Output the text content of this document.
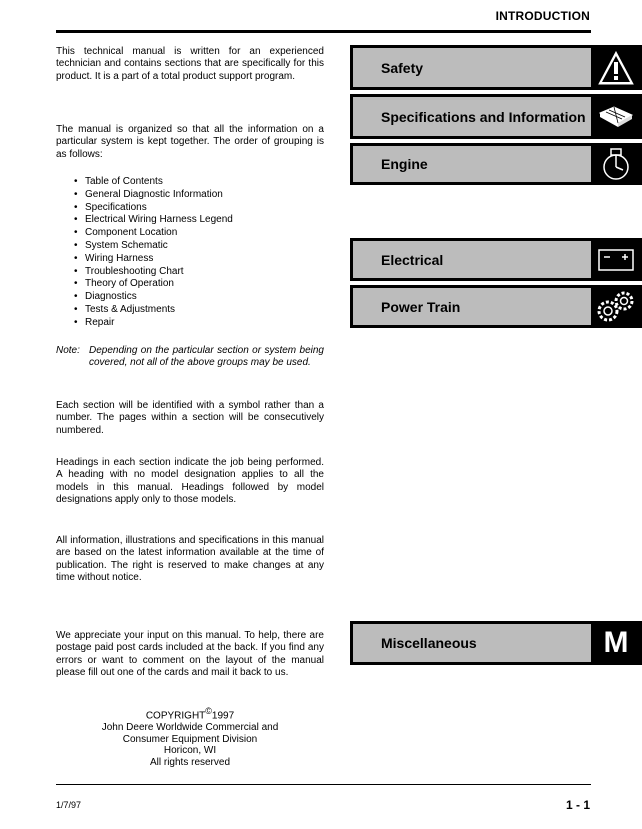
INTRODUCTION

This technical manual is written for an experienced technician and contains sections that are specifically for this product. It is a part of a total product support program.

The manual is organized so that all the information on a particular system is kept together. The order of grouping is as follows:

• Table of Contents
• General Diagnostic Information
• Specifications
• Electrical Wiring Harness Legend
• Component Location
• System Schematic
• Wiring Harness
• Troubleshooting Chart
• Theory of Operation
• Diagnostics
• Tests & Adjustments
• Repair
Note: Depending on the particular section or system being covered, not all of the above groups may be used.

Each section will be identified with a symbol rather than a number. The pages within a section will be consecutively numbered.

Headings in each section indicate the job being performed. A heading with no model designation applies to all the models in this manual. Headings followed by model designations apply only to those models.

All information, illustrations and specifications in this manual are based on the latest information available at the time of publication. The right is reserved to make changes at any time without notice.

We appreciate your input on this manual. To help, there are postage paid post cards included at the back. If you find any errors or want to comment on the layout of the manual please fill out one of the cards and mail it back to us.

COPYRIGHT©1997
John Deere Worldwide Commercial and
Consumer Equipment Division
Horicon, WI
All rights reserved
Safety
Specifications and Information
Engine
Electrical
Power Train
Miscellaneous	M
1/7/97	1 - 1
